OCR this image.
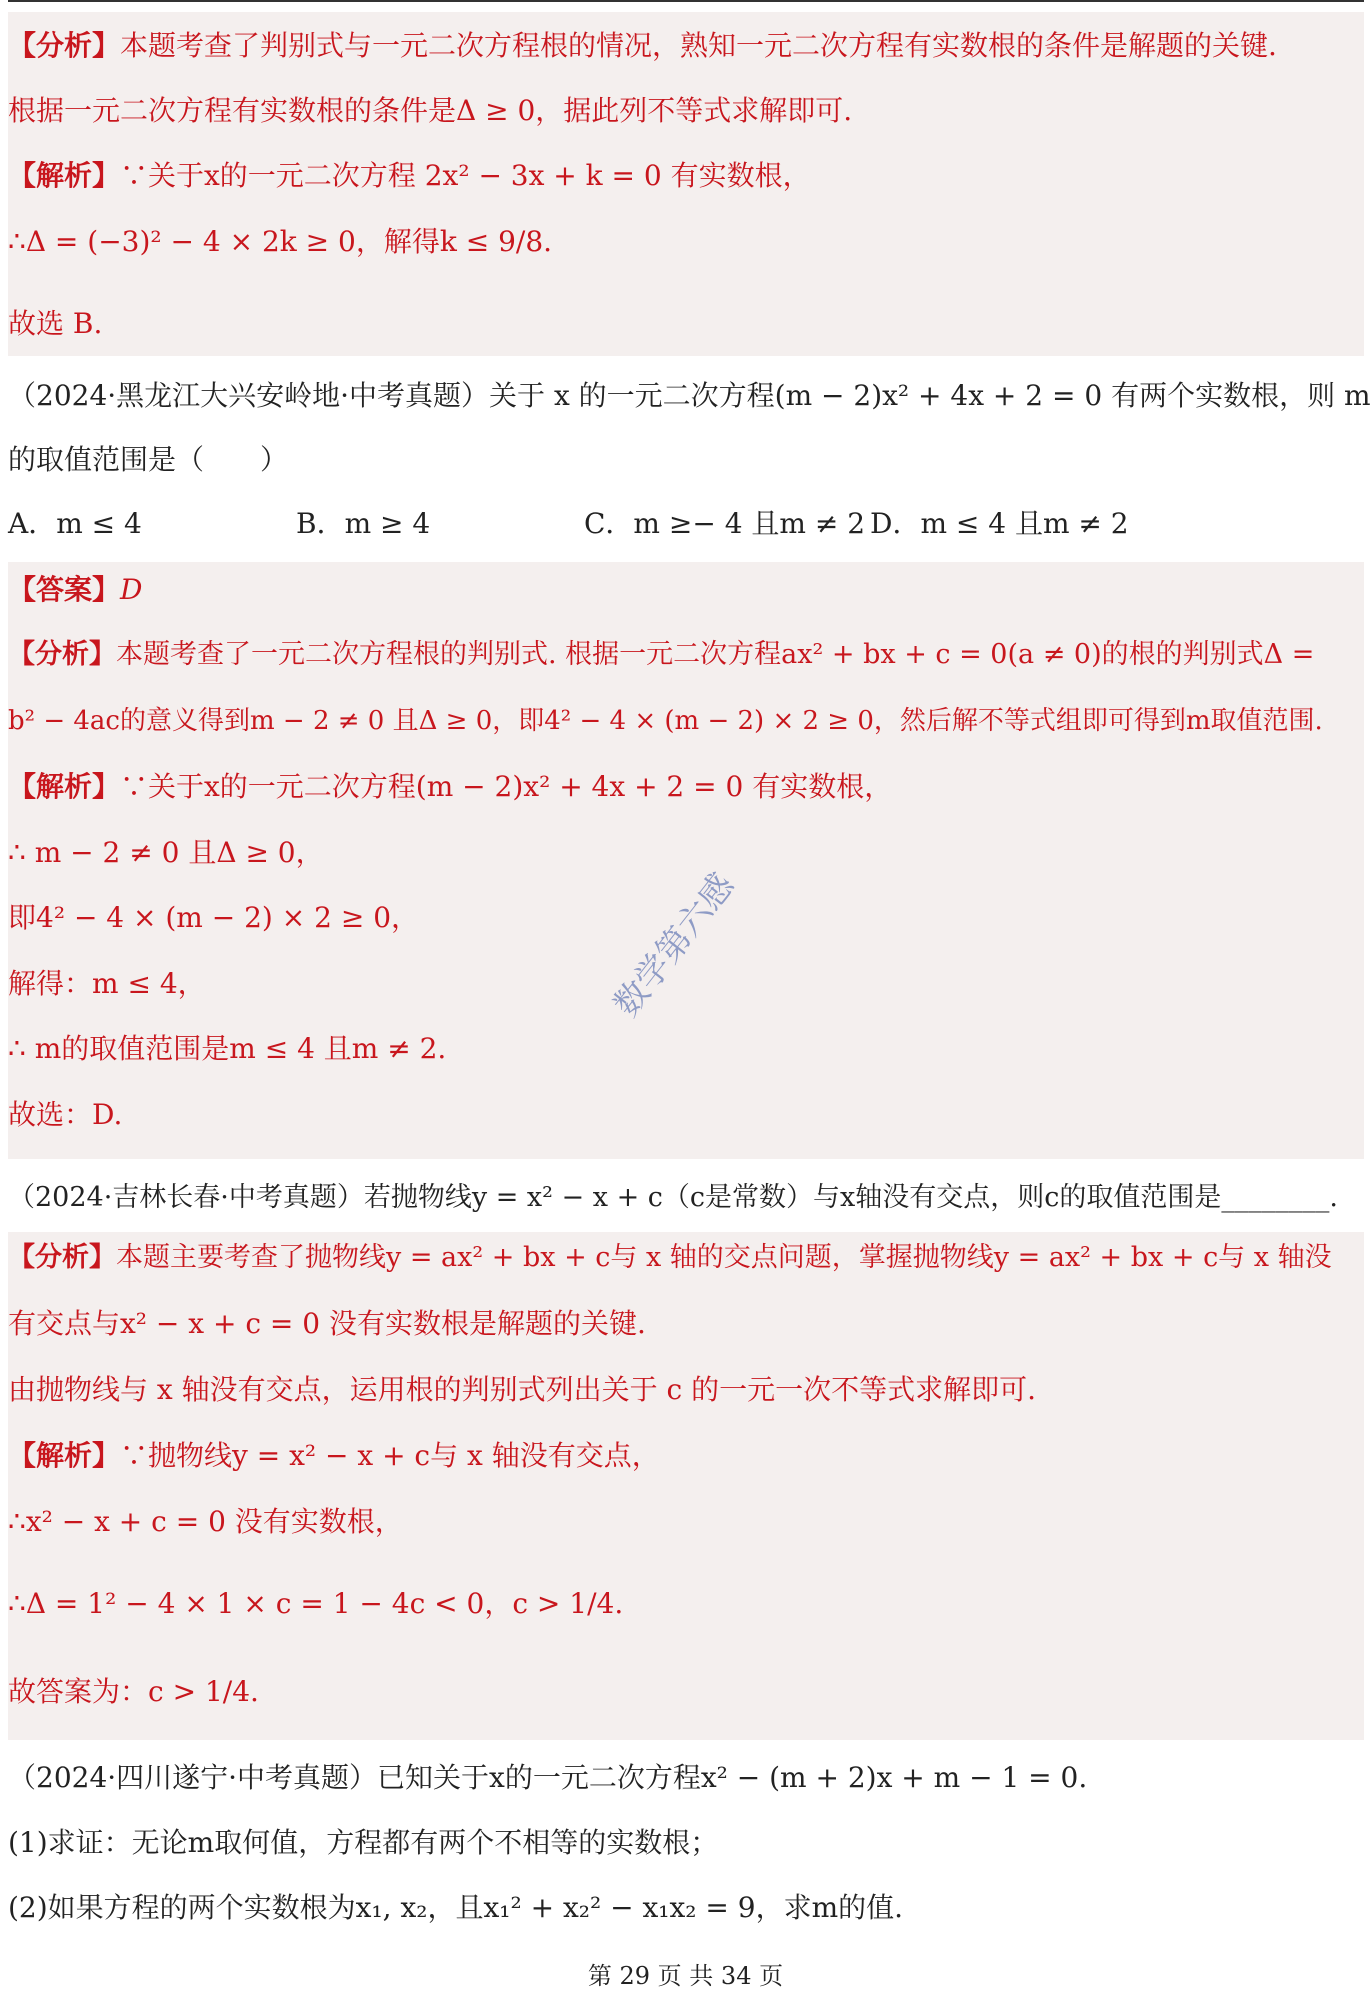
【分析】本题考查了判别式与一元二次方程根的情况，熟知一元二次方程有实数根的条件是解题的关键.
根据一元二次方程有实数根的条件是Δ ≥ 0，据此列不等式求解即可.
【解析】∵关于x的一元二次方程 2x² − 3x + k = 0 有实数根，
∴Δ = (−3)² − 4 × 2k ≥ 0，解得k ≤ 9/8.
故选 B.
（2024·黑龙江大兴安岭地·中考真题）关于 x 的一元二次方程(m − 2)x² + 4x + 2 = 0 有两个实数根，则 m
的取值范围是（　　）
A．m ≤ 4	B．m ≥ 4	C．m ≥− 4 且m ≠ 2 D．m ≤ 4 且m ≠ 2
【答案】D
【分析】本题考查了一元二次方程根的判别式. 根据一元二次方程ax² + bx + c = 0(a ≠ 0)的根的判别式Δ =
b² − 4ac的意义得到m − 2 ≠ 0 且Δ ≥ 0，即4² − 4 × (m − 2) × 2 ≥ 0，然后解不等式组即可得到m取值范围.
【解析】∵关于x的一元二次方程(m − 2)x² + 4x + 2 = 0 有实数根，
∴ m − 2 ≠ 0 且Δ ≥ 0，
即4² − 4 × (m − 2) × 2 ≥ 0，
解得：m ≤ 4，
∴ m的取值范围是m ≤ 4 且m ≠ 2.
故选：D.
（2024·吉林长春·中考真题）若抛物线y = x² − x + c（c是常数）与x轴没有交点，则c的取值范围是________.
【分析】本题主要考查了抛物线y = ax² + bx + c与 x 轴的交点问题，掌握抛物线y = ax² + bx + c与 x 轴没
有交点与x² − x + c = 0 没有实数根是解题的关键.
由抛物线与 x 轴没有交点，运用根的判别式列出关于 c 的一元一次不等式求解即可.
【解析】∵抛物线y = x² − x + c与 x 轴没有交点，
∴x² − x + c = 0 没有实数根，
∴Δ = 1² − 4 × 1 × c = 1 − 4c < 0，c > 1/4.
故答案为：c > 1/4.
（2024·四川遂宁·中考真题）已知关于x的一元二次方程x² − (m + 2)x + m − 1 = 0.
(1)求证：无论m取何值，方程都有两个不相等的实数根；
(2)如果方程的两个实数根为x₁, x₂，且x₁² + x₂² − x₁x₂ = 9，求m的值.
数学第六感
第 29 页 共 34 页
